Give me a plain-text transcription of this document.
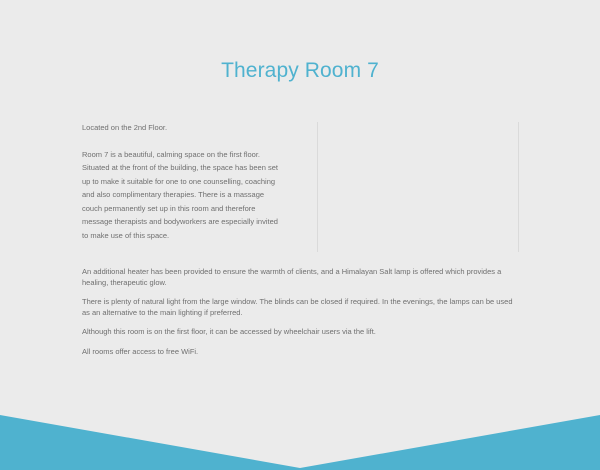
Therapy Room 7

Located on the 2nd Floor.

Room 7 is a beautiful, calming space on the first floor. Situated at the front of the building, the space has been set up to make it suitable for one to one counselling, coaching and also complimentary therapies. There is a massage couch permanently set up in this room and therefore message therapists and bodyworkers are especially invited to make use of this space.

An additional heater has been provided to ensure the warmth of clients, and a Himalayan Salt lamp is offered which provides a healing, therapeutic glow.

There is plenty of natural light from the large window. The blinds can be closed if required. In the evenings, the lamps can be used as an alternative to the main lighting if preferred.

Although this room is on the first floor, it can be accessed by wheelchair users via the lift.

All rooms offer access to free WiFi.
